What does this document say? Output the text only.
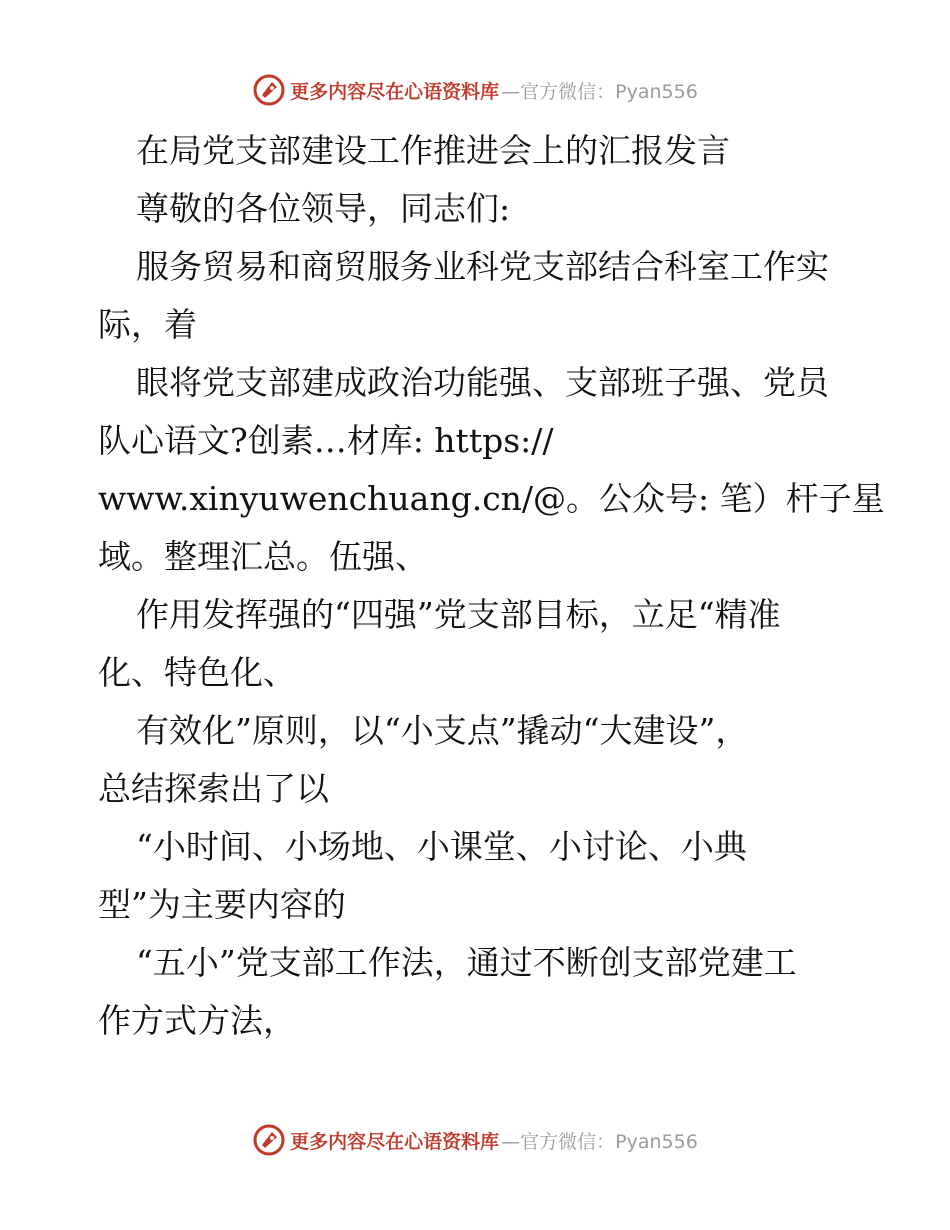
更多内容尽在心语资料库 —官方微信：Pyan556
在局党支部建设工作推进会上的汇报发言
尊敬的各位领导，同志们:
服务贸易和商贸服务业科党支部结合科室工作实
际，着
眼将党支部建成政治功能强、支部班子强、党员
队心语文?创素…材库: https://
www.xinyuwenchuang.cn/@。公众号: 笔）杆子星
域。整理汇总。伍强、
作用发挥强的“四强”党支部目标，立足“精准
化、特色化、
有效化”原则，以“小支点”撬动“大建设”，
总结探索出了以
“小时间、小场地、小课堂、小讨论、小典
型”为主要内容的
“五小”党支部工作法，通过不断创支部党建工
作方式方法，
更多内容尽在心语资料库 —官方微信：Pyan556
